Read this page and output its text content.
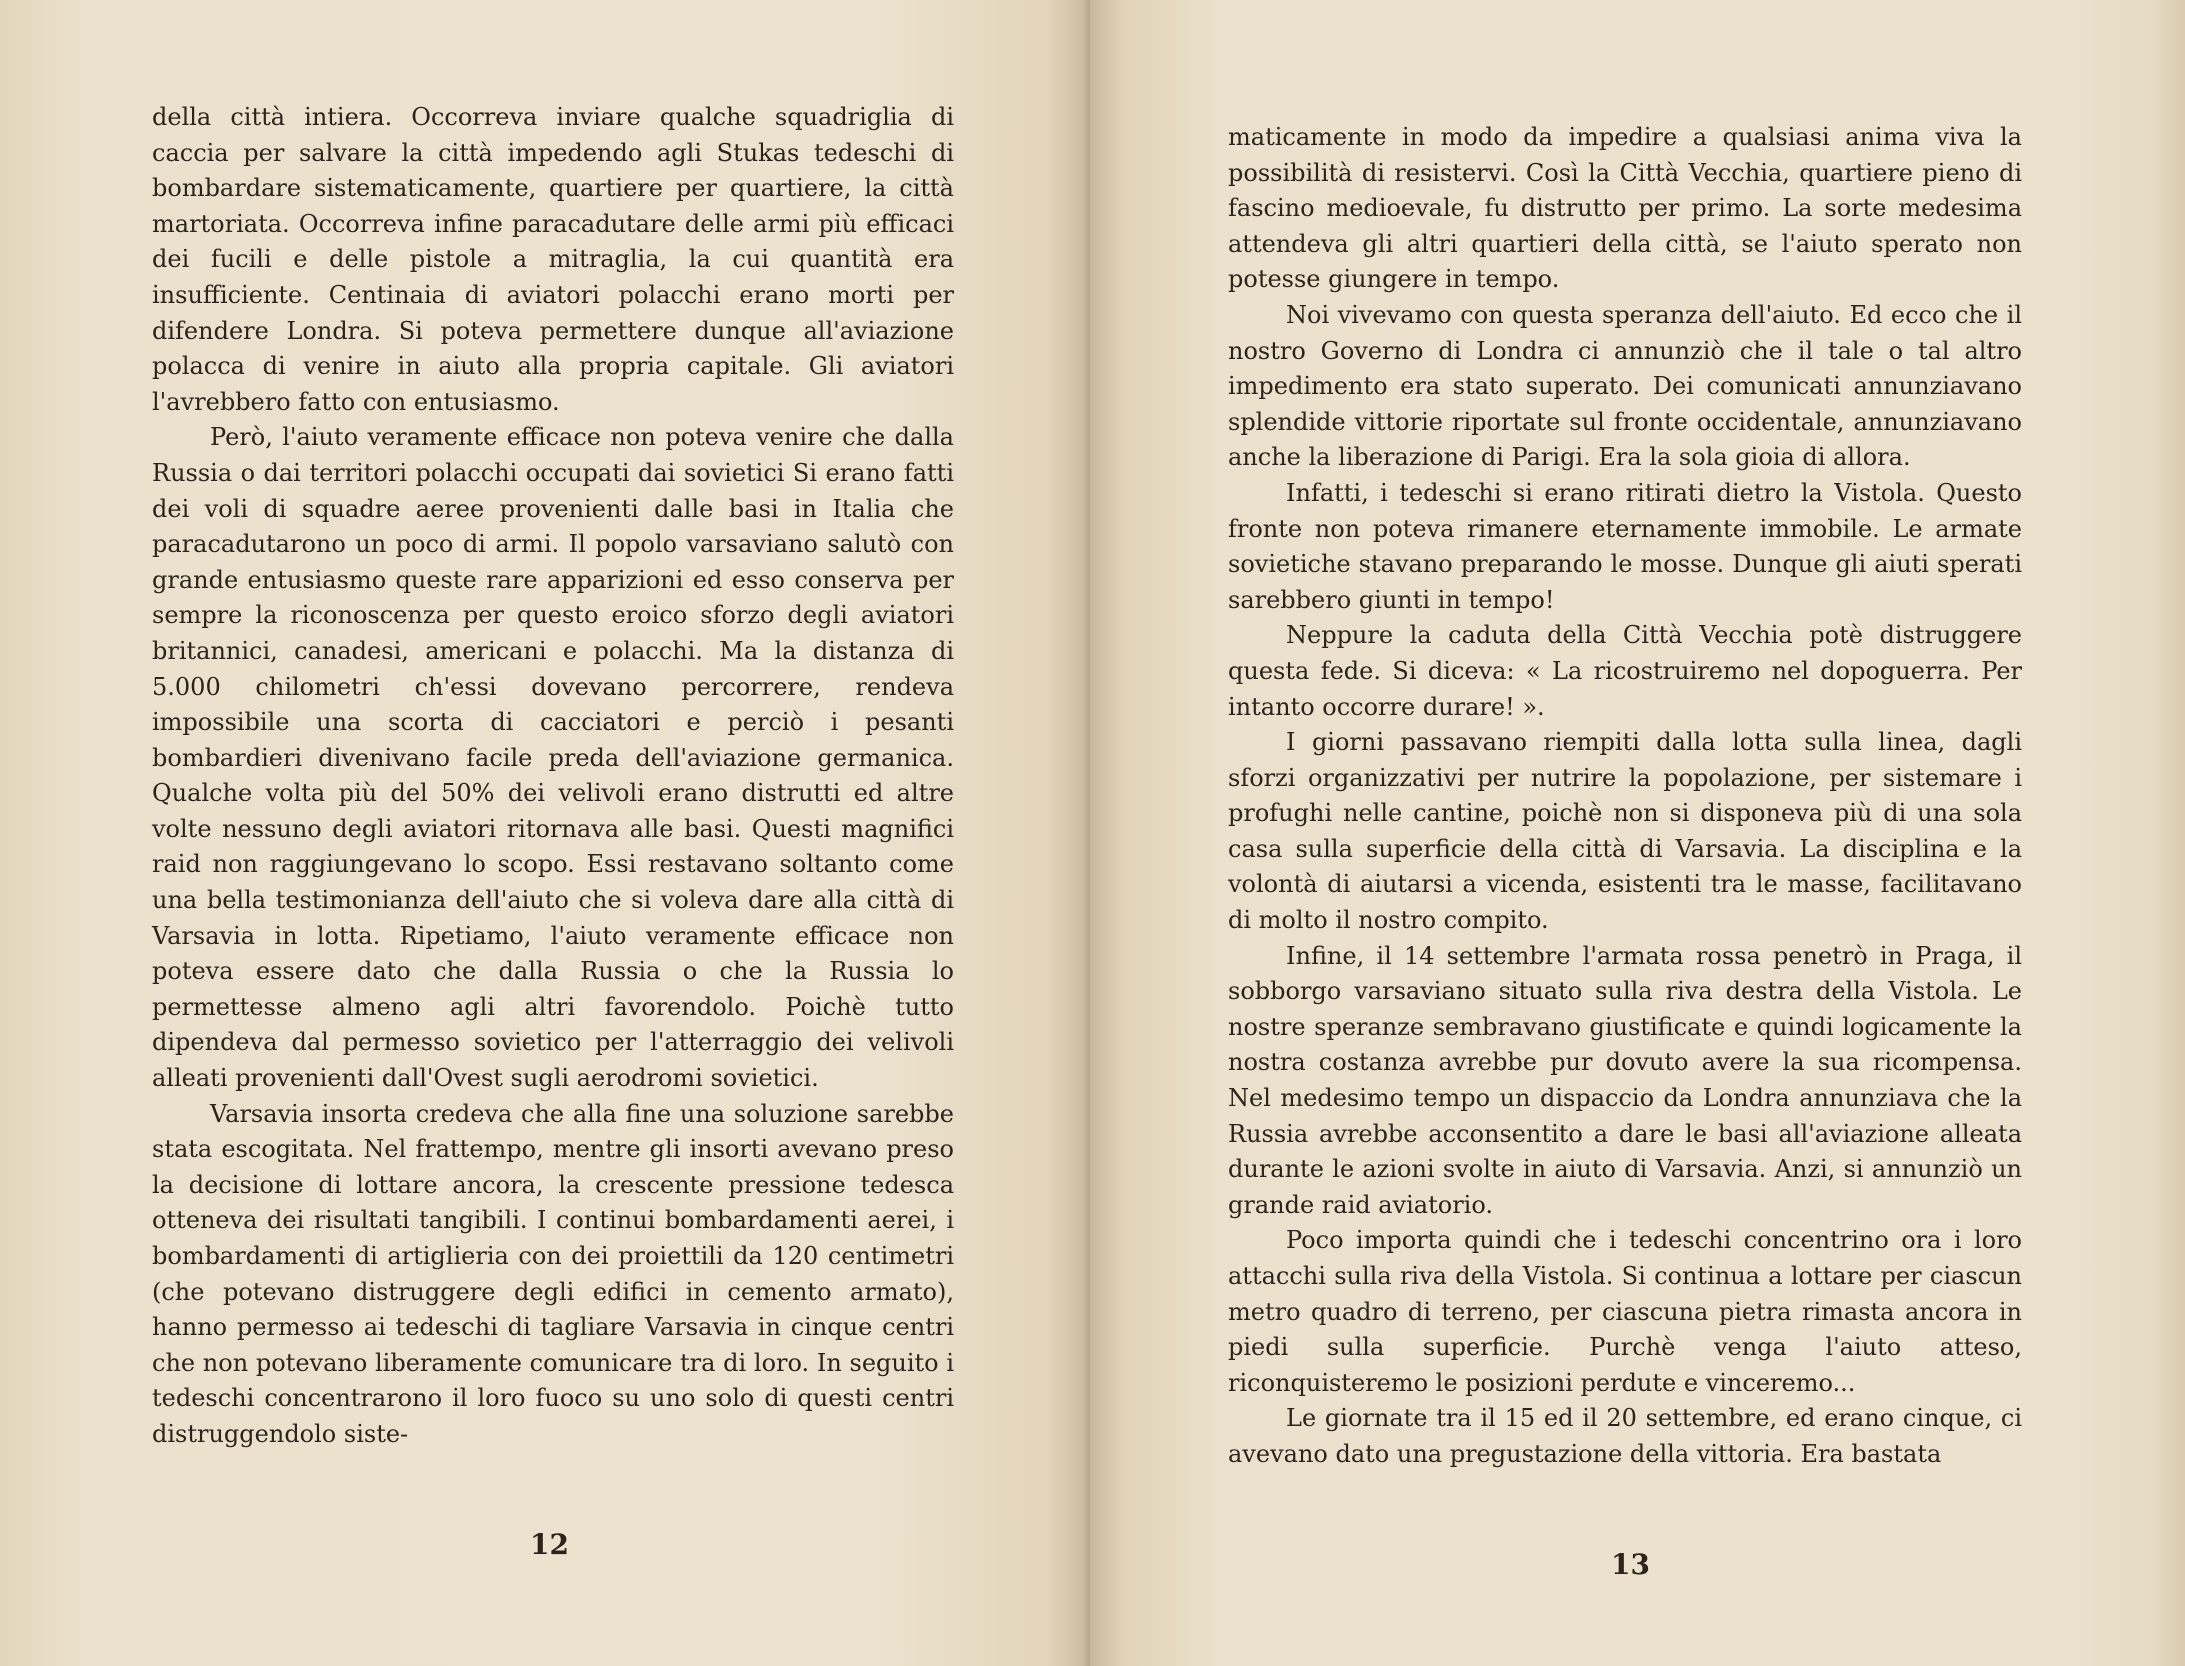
della città intiera. Occorreva inviare qualche squadriglia di caccia per salvare la città impedendo agli Stukas tedeschi di bombardare sistematicamente, quartiere per quartiere, la città martoriata. Occorreva infine paracadutare delle armi più efficaci dei fucili e delle pistole a mitraglia, la cui quantità era insufficiente. Centinaia di aviatori polacchi erano morti per difendere Londra. Si poteva permettere dunque all'aviazione polacca di venire in aiuto alla propria capitale. Gli aviatori l'avrebbero fatto con entusiasmo.

Però, l'aiuto veramente efficace non poteva venire che dalla Russia o dai territori polacchi occupati dai sovietici Si erano fatti dei voli di squadre aeree provenienti dalle basi in Italia che paracadutarono un poco di armi. Il popolo varsaviano salutò con grande entusiasmo queste rare apparizioni ed esso conserva per sempre la riconoscenza per questo eroico sforzo degli aviatori britannici, canadesi, americani e polacchi. Ma la distanza di 5.000 chilometri ch'essi dovevano percorrere, rendeva impossibile una scorta di cacciatori e perciò i pesanti bombardieri divenivano facile preda dell'aviazione germanica. Qualche volta più del 50% dei velivoli erano distrutti ed altre volte nessuno degli aviatori ritornava alle basi. Questi magnifici raid non raggiungevano lo scopo. Essi restavano soltanto come una bella testimonianza dell'aiuto che si voleva dare alla città di Varsavia in lotta. Ripetiamo, l'aiuto veramente efficace non poteva essere dato che dalla Russia o che la Russia lo permettesse almeno agli altri favorendolo. Poichè tutto dipendeva dal permesso sovietico per l'atterraggio dei velivoli alleati provenienti dall'Ovest sugli aerodromi sovietici.

Varsavia insorta credeva che alla fine una soluzione sarebbe stata escogitata. Nel frattempo, mentre gli insorti avevano preso la decisione di lottare ancora, la crescente pressione tedesca otteneva dei risultati tangibili. I continui bombardamenti aerei, i bombardamenti di artiglieria con dei proiettili da 120 centimetri (che potevano distruggere degli edifici in cemento armato), hanno permesso ai tedeschi di tagliare Varsavia in cinque centri che non potevano liberamente comunicare tra di loro. In seguito i tedeschi concentrarono il loro fuoco su uno solo di questi centri distruggendolo siste-

12

maticamente in modo da impedire a qualsiasi anima viva la possibilità di resistervi. Così la Città Vecchia, quartiere pieno di fascino medioevale, fu distrutto per primo. La sorte medesima attendeva gli altri quartieri della città, se l'aiuto sperato non potesse giungere in tempo.

Noi vivevamo con questa speranza dell'aiuto. Ed ecco che il nostro Governo di Londra ci annunziò che il tale o tal altro impedimento era stato superato. Dei comunicati annunziavano splendide vittorie riportate sul fronte occidentale, annunziavano anche la liberazione di Parigi. Era la sola gioia di allora.

Infatti, i tedeschi si erano ritirati dietro la Vistola. Questo fronte non poteva rimanere eternamente immobile. Le armate sovietiche stavano preparando le mosse. Dunque gli aiuti sperati sarebbero giunti in tempo!

Neppure la caduta della Città Vecchia potè distruggere questa fede. Si diceva: « La ricostruiremo nel dopoguerra. Per intanto occorre durare! ».

I giorni passavano riempiti dalla lotta sulla linea, dagli sforzi organizzativi per nutrire la popolazione, per sistemare i profughi nelle cantine, poichè non si disponeva più di una sola casa sulla superficie della città di Varsavia. La disciplina e la volontà di aiutarsi a vicenda, esistenti tra le masse, facilitavano di molto il nostro compito.

Infine, il 14 settembre l'armata rossa penetrò in Praga, il sobborgo varsaviano situato sulla riva destra della Vistola. Le nostre speranze sembravano giustificate e quindi logicamente la nostra costanza avrebbe pur dovuto avere la sua ricompensa. Nel medesimo tempo un dispaccio da Londra annunziava che la Russia avrebbe acconsentito a dare le basi all'aviazione alleata durante le azioni svolte in aiuto di Varsavia. Anzi, si annunziò un grande raid aviatorio.

Poco importa quindi che i tedeschi concentrino ora i loro attacchi sulla riva della Vistola. Si continua a lottare per ciascun metro quadro di terreno, per ciascuna pietra rimasta ancora in piedi sulla superficie. Purchè venga l'aiuto atteso, riconquisteremo le posizioni perdute e vinceremo...

Le giornate tra il 15 ed il 20 settembre, ed erano cinque, ci avevano dato una pregustazione della vittoria. Era bastata

13
